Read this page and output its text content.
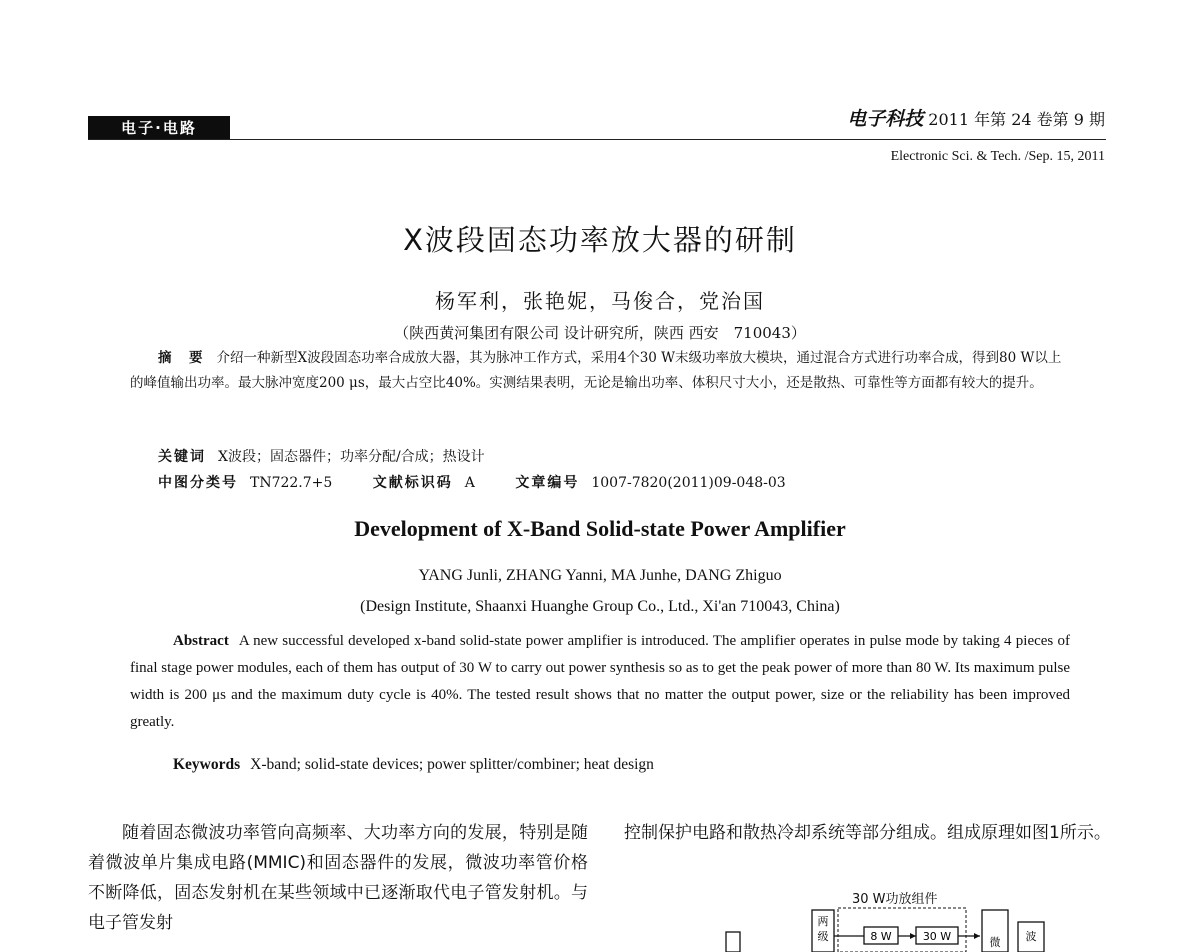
电子·电路	电子科技 2011 年第 24 卷第 9 期
Electronic Sci. & Tech. /Sep. 15, 2011
X波段固态功率放大器的研制
杨军利，张艳妮，马俊合，党治国
（陕西黄河集团有限公司 设计研究所，陕西 西安　710043）
摘　要 介绍一种新型X波段固态功率合成放大器，其为脉冲工作方式，采用4个30 W末级功率放大模块，通过混合方式进行功率合成，得到80 W以上的峰值输出功率。最大脉冲宽度200 μs，最大占空比40%。实测结果表明，无论是输出功率、体积尺寸大小，还是散热、可靠性等方面都有较大的提升。
关键词 X波段；固态器件；功率分配/合成；热设计
中图分类号 TN722.7+5	文献标识码 A	文章编号 1007-7820(2011)09-048-03
Development of X-Band Solid-state Power Amplifier
YANG Junli, ZHANG Yanni, MA Junhe, DANG Zhiguo
(Design Institute, Shaanxi Huanghe Group Co., Ltd., Xi'an 710043, China)
Abstract A new successful developed x-band solid-state power amplifier is introduced. The amplifier operates in pulse mode by taking 4 pieces of final stage power modules, each of them has output of 30 W to carry out power synthesis so as to get the peak power of more than 80 W. Its maximum pulse width is 200 μs and the maximum duty cycle is 40%. The tested result shows that no matter the output power, size or the reliability has been improved greatly.
Keywords X-band; solid-state devices; power splitter/combiner; heat design
随着固态微波功率管向高频率、大功率方向的发展，特别是随着微波单片集成电路(MMIC)和固态器件的发展，微波功率管价格不断降低，固态发射机在某些领域中已逐渐取代电子管发射机。与电子管发射
控制保护电路和散热冷却系统等部分组成。组成原理如图1所示。
30 W功放组件
两
级	8 W	30 W	微 波
